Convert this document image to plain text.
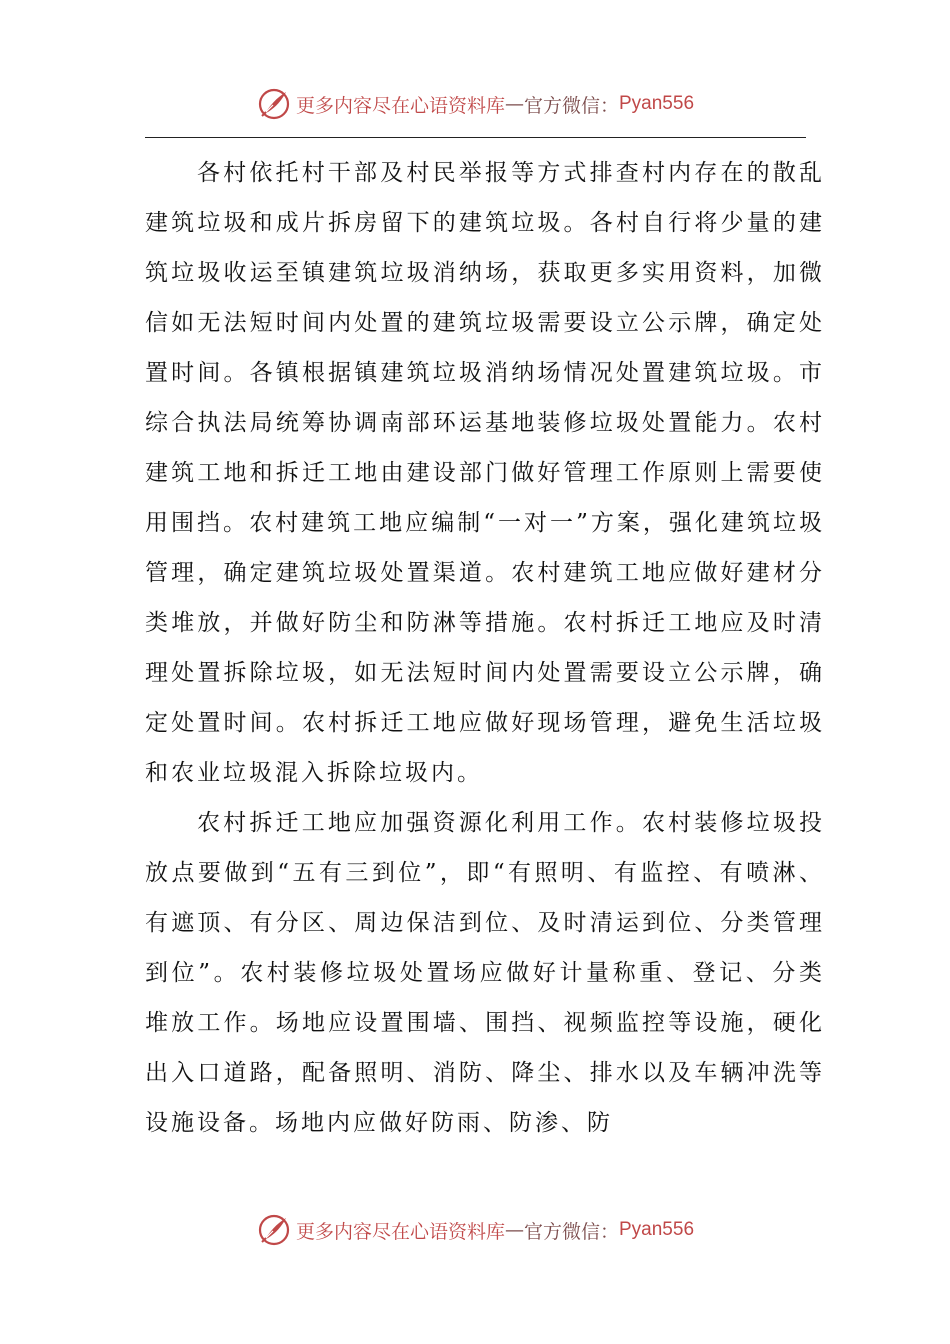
更多内容尽在心语资料库 — 官方微信： Pyan556

各村依托村干部及村民举报等方式排查村内存在的散乱建筑垃圾和成片拆房留下的建筑垃圾。各村自行将少量的建筑垃圾收运至镇建筑垃圾消纳场，获取更多实用资料，加微信如无法短时间内处置的建筑垃圾需要设立公示牌，确定处置时间。各镇根据镇建筑垃圾消纳场情况处置建筑垃圾。市综合执法局统筹协调南部环运基地装修垃圾处置能力。农村建筑工地和拆迁工地由建设部门做好管理工作原则上需要使用围挡。农村建筑工地应编制“一对一”方案，强化建筑垃圾管理，确定建筑垃圾处置渠道。农村建筑工地应做好建材分类堆放，并做好防尘和防淋等措施。农村拆迁工地应及时清理处置拆除垃圾，如无法短时间内处置需要设立公示牌，确定处置时间。农村拆迁工地应做好现场管理，避免生活垃圾和农业垃圾混入拆除垃圾内。

农村拆迁工地应加强资源化利用工作。农村装修垃圾投放点要做到“五有三到位”，即“有照明、有监控、有喷淋、有遮顶、有分区、周边保洁到位、及时清运到位、分类管理到位”。农村装修垃圾处置场应做好计量称重、登记、分类堆放工作。场地应设置围墙、围挡、视频监控等设施，硬化出入口道路，配备照明、消防、降尘、排水以及车辆冲洗等设施设备。场地内应做好防雨、防渗、防

更多内容尽在心语资料库 — 官方微信： Pyan556
